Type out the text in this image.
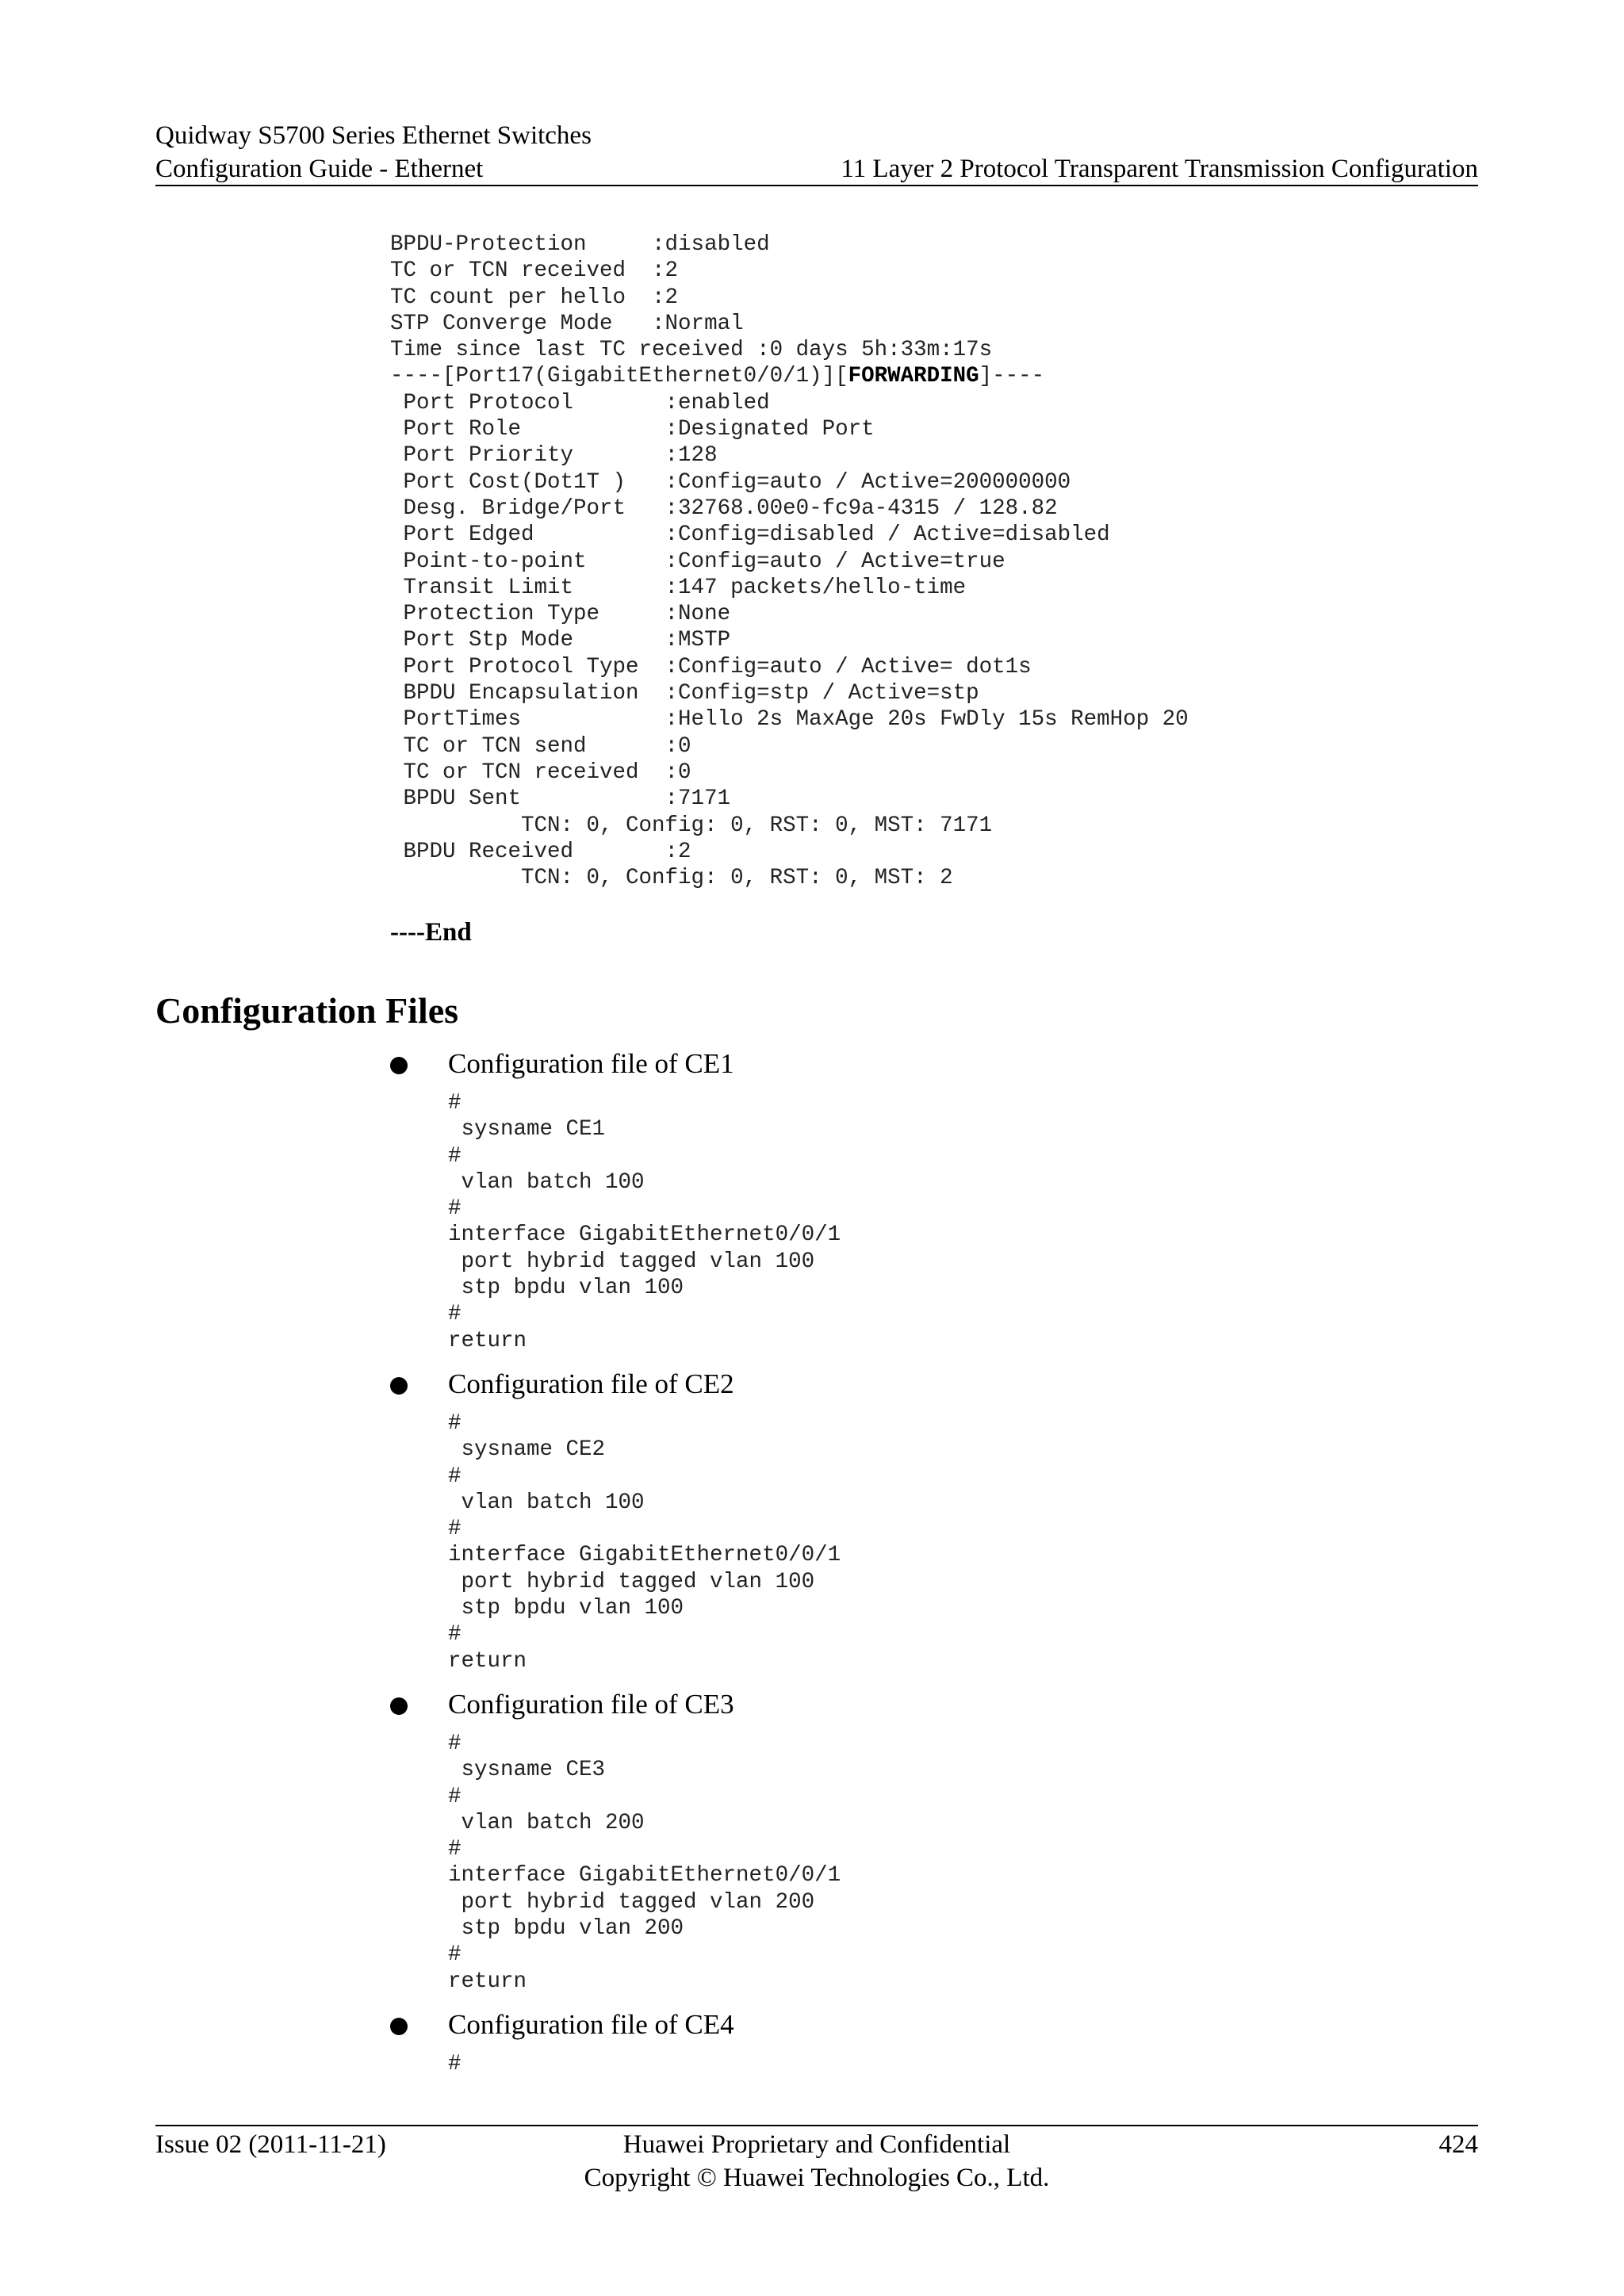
Quidway S5700 Series Ethernet Switches
Configuration Guide - Ethernet	11 Layer 2 Protocol Transparent Transmission Configuration
BPDU-Protection     :disabled
TC or TCN received  :2
TC count per hello  :2
STP Converge Mode   :Normal
Time since last TC received :0 days 5h:33m:17s
----[Port17(GigabitEthernet0/0/1)][FORWARDING]----
Port Protocol       :enabled
Port Role           :Designated Port
Port Priority       :128
Port Cost(Dot1T )   :Config=auto / Active=200000000
Desg. Bridge/Port   :32768.00e0-fc9a-4315 / 128.82
Port Edged          :Config=disabled / Active=disabled
Point-to-point      :Config=auto / Active=true
Transit Limit       :147 packets/hello-time
Protection Type     :None
Port Stp Mode       :MSTP
Port Protocol Type  :Config=auto / Active= dot1s
BPDU Encapsulation  :Config=stp / Active=stp
PortTimes           :Hello 2s MaxAge 20s FwDly 15s RemHop 20
TC or TCN send      :0
TC or TCN received  :0
BPDU Sent           :7171
TCN: 0, Config: 0, RST: 0, MST: 7171
BPDU Received       :2
TCN: 0, Config: 0, RST: 0, MST: 2
----End
Configuration Files
Configuration file of CE1
#
sysname CE1
#
vlan batch 100
#
interface GigabitEthernet0/0/1
port hybrid tagged vlan 100
stp bpdu vlan 100
#
return
Configuration file of CE2
#
sysname CE2
#
vlan batch 100
#
interface GigabitEthernet0/0/1
port hybrid tagged vlan 100
stp bpdu vlan 100
#
return
Configuration file of CE3
#
sysname CE3
#
vlan batch 200
#
interface GigabitEthernet0/0/1
port hybrid tagged vlan 200
stp bpdu vlan 200
#
return
Configuration file of CE4
#
Issue 02 (2011-11-21)	Huawei Proprietary and Confidential
Copyright © Huawei Technologies Co., Ltd.
424
